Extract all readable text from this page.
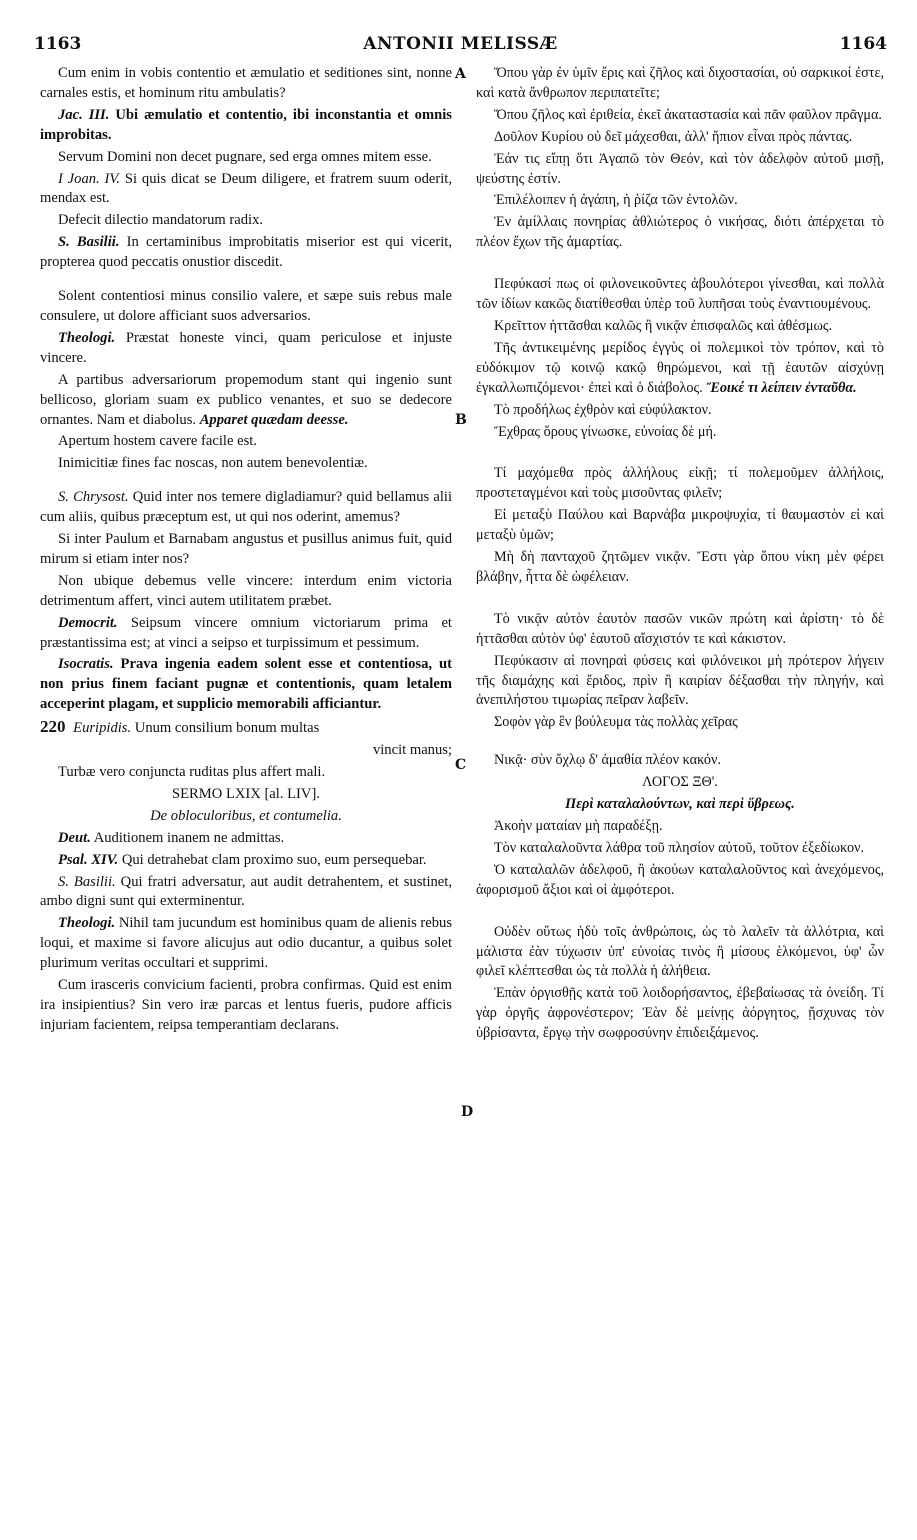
1163	ANTONII MELISSÆ	1164
A
B
C
D

Cum enim in vobis contentio et æmulatio et seditiones sint, nonne carnales estis, et hominum ritu ambulatis?

Jac. III. Ubi æmulatio et contentio, ibi inconstantia et omnis improbitas.

Servum Domini non decet pugnare, sed erga omnes mitem esse.

I Joan. IV. Si quis dicat se Deum diligere, et fratrem suum oderit, mendax est.

Defecit dilectio mandatorum radix.

S. Basilii. In certaminibus improbitatis miserior est qui vicerit, propterea quod peccatis onustior discedit.

Solent contentiosi minus consilio valere, et sæpe suis rebus male consulere, ut dolore afficiant suos adversarios.

Theologi. Præstat honeste vinci, quam periculose et injuste vincere.

A partibus adversariorum propemodum stant qui ingenio sunt bellicoso, gloriam suam ex publico venantes, et suo se dedecore ornantes. Nam et diabolus. Apparet quædam deesse.

Apertum hostem cavere facile est.

Inimicitiæ fines fac noscas, non autem benevolentiæ.

S. Chrysost. Quid inter nos temere digladiamur? quid bellamus alii cum aliis, quibus præceptum est, ut qui nos oderint, amemus?

Si inter Paulum et Barnabam angustus et pusillus animus fuit, quid mirum si etiam inter nos?

Non ubique debemus velle vincere: interdum enim victoria detrimentum affert, vinci autem utilitatem præbet.

Democrit. Seipsum vincere omnium victoriarum prima et præstantissima est; at vinci a seipso et turpissimum et pessimum.

Isocratis. Prava ingenia eadem solent esse et contentiosa, ut non prius finem faciant pugnæ et contentionis, quam letalem acceperint plagam, et supplicio memorabili afficiantur.

220 Euripidis. Unum consilium bonum multas

vincit manus;

Turbæ vero conjuncta ruditas plus affert mali.

SERMO LXIX [al. LIV].

De obloculoribus, et contumelia.

Deut. Auditionem inanem ne admittas.

Psal. XIV. Qui detrahebat clam proximo suo, eum persequebar.

S. Basilii. Qui fratri adversatur, aut audit detrahentem, et sustinet, ambo digni sunt qui exterminentur.

Theologi. Nihil tam jucundum est hominibus quam de alienis rebus loqui, et maxime si favore alicujus aut odio ducantur, a quibus solet plurimum veritas occultari et supprimi.

Cum irasceris convicium facienti, probra confirmas. Quid est enim ira insipientius? Sin vero iræ parcas et lentus fueris, pudore afficis injuriam facientem, reipsa temperantiam declarans.

Ὅπου γὰρ ἐν ὑμῖν ἔρις καὶ ζῆλος καὶ διχοστασίαι, οὐ σαρκικοί ἐστε, καὶ κατὰ ἄνθρωπον περιπατεῖτε;

Ὅπου ζῆλος καὶ ἐριθεία, ἐκεῖ ἀκαταστασία καὶ πᾶν φαῦλον πρᾶγμα.

Δοῦλον Κυρίου οὐ δεῖ μάχεσθαι, ἀλλ' ἤπιον εἶναι πρὸς πάντας.

Ἐάν τις εἴπῃ ὅτι Ἀγαπῶ τὸν Θεόν, καὶ τὸν ἀδελφὸν αὐτοῦ μισῇ, ψεύστης ἐστίν.

Ἐπιλέλοιπεν ἡ ἀγάπη, ἡ ῥίζα τῶν ἐντολῶν.

Ἐν ἁμίλλαις πονηρίας ἀθλιώτερος ὁ νικήσας, διότι ἀπέρχεται τὸ πλέον ἔχων τῆς ἁμαρτίας.

Πεφύκασί πως οἱ φιλονεικοῦντες ἀβουλότεροι γίνεσθαι, καὶ πολλὰ τῶν ἰδίων κακῶς διατίθεσθαι ὑπὲρ τοῦ λυπῆσαι τοὺς ἐναντιουμένους.

Κρεῖττον ἡττᾶσθαι καλῶς ἢ νικᾷν ἐπισφαλῶς καὶ ἀθέσμως.

Τῆς ἀντικειμένης μερίδος ἐγγὺς οἱ πολεμικοὶ τὸν τρόπον, καὶ τὸ εὐδόκιμον τῷ κοινῷ κακῷ θηρώμενοι, καὶ τῇ ἑαυτῶν αἰσχύνῃ ἐγκαλλωπιζόμενοι· ἐπεὶ καὶ ὁ διάβολος. Ἔοικέ τι λείπειν ἐνταῦθα.

Τὸ προδήλως ἐχθρὸν καὶ εὐφύλακτον.

Ἔχθρας ὅρους γίνωσκε, εὐνοίας δὲ μή.

Τί μαχόμεθα πρὸς ἀλλήλους εἰκῇ; τί πολεμοῦμεν ἀλλήλοις, προστεταγμένοι καὶ τοὺς μισοῦντας φιλεῖν;

Εἰ μεταξὺ Παύλου καὶ Βαρνάβα μικροψυχία, τί θαυμαστὸν εἰ καὶ μεταξὺ ὑμῶν;

Μὴ δὴ πανταχοῦ ζητῶμεν νικᾷν. Ἔστι γὰρ ὅπου νίκη μὲν φέρει βλάβην, ἧττα δὲ ὠφέλειαν.

Τὸ νικᾷν αὐτὸν ἑαυτὸν πασῶν νικῶν πρώτη καὶ ἀρίστη· τὸ δὲ ἡττᾶσθαι αὐτὸν ὑφ' ἑαυτοῦ αἴσχιστόν τε καὶ κάκιστον.

Πεφύκασιν αἱ πονηραὶ φύσεις καὶ φιλόνεικοι μὴ πρότερον λήγειν τῆς διαμάχης καὶ ἔριδος, πρὶν ἢ καιρίαν δέξασθαι τὴν πληγήν, καὶ ἀνεπιλήστου τιμωρίας πεῖραν λαβεῖν.

Σοφὸν γὰρ ἓν βούλευμα τὰς πολλὰς χεῖρας

Νικᾷ· σὺν ὄχλῳ δ' ἀμαθία πλέον κακόν.

ΛΟΓΟΣ ΞΘ'.

Περὶ καταλαλούντων, καὶ περὶ ὕβρεως.

Ἀκοὴν ματαίαν μὴ παραδέξῃ.

Τὸν καταλαλοῦντα λάθρα τοῦ πλησίον αὐτοῦ, τοῦτον ἐξεδίωκον.

Ὁ καταλαλῶν ἀδελφοῦ, ἢ ἀκούων καταλαλοῦντος καὶ ἀνεχόμενος, ἀφορισμοῦ ἄξιοι καὶ οἱ ἀμφότεροι.

Οὐδὲν οὕτως ἡδὺ τοῖς ἀνθρώποις, ὡς τὸ λαλεῖν τὰ ἀλλότρια, καὶ μάλιστα ἐὰν τύχωσιν ὑπ' εὐνοίας τινὸς ἢ μίσους ἑλκόμενοι, ὑφ' ὧν φιλεῖ κλέπτεσθαι ὡς τὰ πολλὰ ἡ ἀλήθεια.

Ἐπὰν ὀργισθῇς κατὰ τοῦ λοιδορήσαντος, ἐβεβαίωσας τὰ ὀνείδη. Τί γὰρ ὀργῆς ἀφρονέστερον; Ἐὰν δὲ μείνῃς ἀόργητος, ᾔσχυνας τὸν ὑβρίσαντα, ἔργῳ τὴν σωφροσύνην ἐπιδειξάμενος.
